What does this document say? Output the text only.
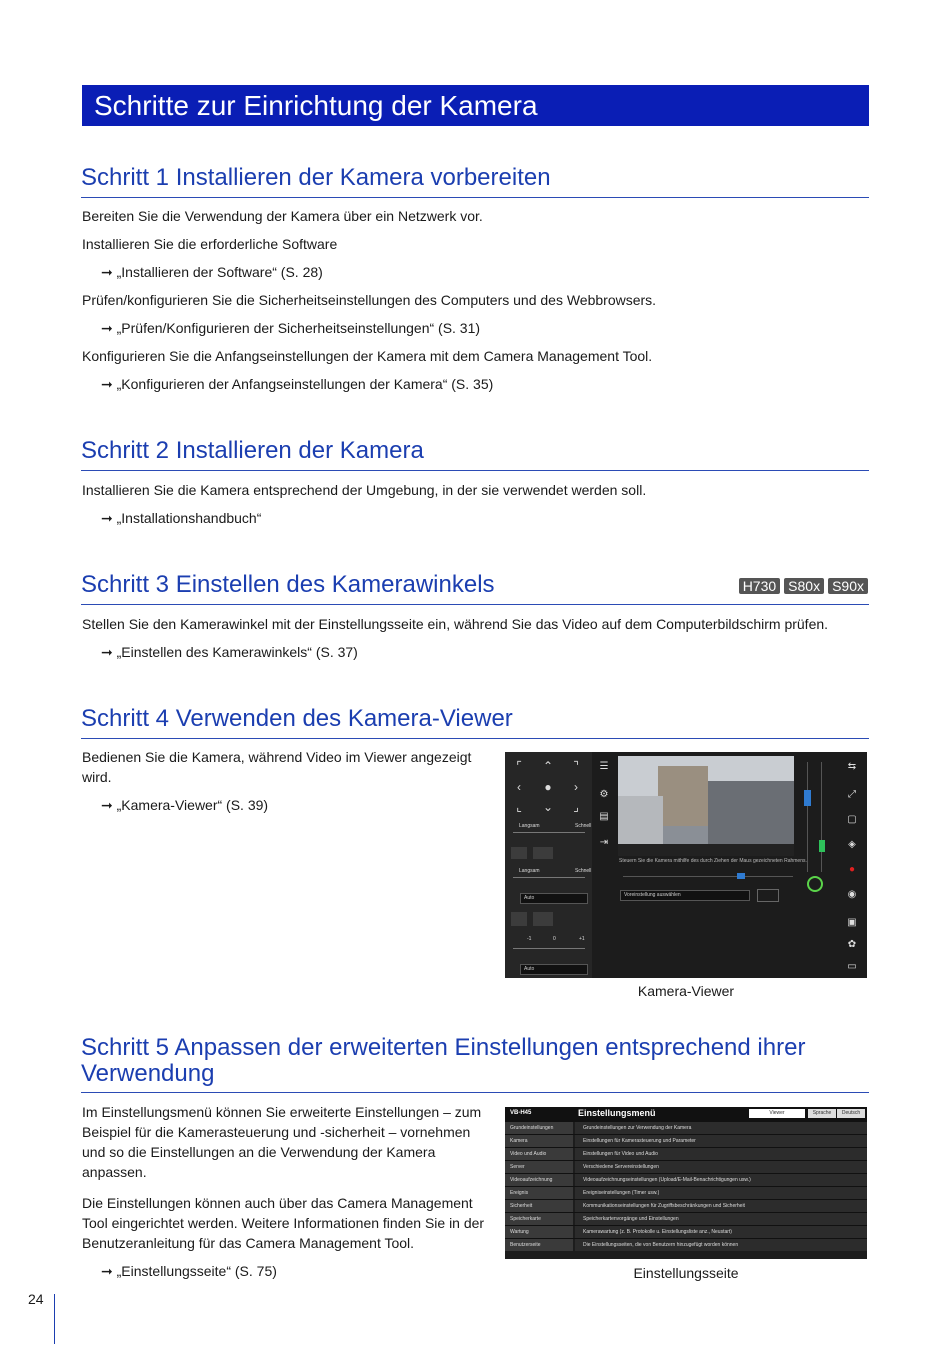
Schritte zur Einrichtung der Kamera
Schritt 1 Installieren der Kamera vorbereiten
Bereiten Sie die Verwendung der Kamera über ein Netzwerk vor.
Installieren Sie die erforderliche Software
➞ „Installieren der Software“ (S. 28)
Prüfen/konfigurieren Sie die Sicherheitseinstellungen des Computers und des Webbrowsers.
➞ „Prüfen/Konfigurieren der Sicherheitseinstellungen“ (S. 31)
Konfigurieren Sie die Anfangseinstellungen der Kamera mit dem Camera Management Tool.
➞ „Konfigurieren der Anfangseinstellungen der Kamera“ (S. 35)
Schritt 2 Installieren der Kamera
Installieren Sie die Kamera entsprechend der Umgebung, in der sie verwendet werden soll.
➞ „Installationshandbuch“
Schritt 3 Einstellen des Kamerawinkels	H730 S80x S90x
Stellen Sie den Kamerawinkel mit der Einstellungsseite ein, während Sie das Video auf dem Computerbildschirm prüfen.
➞ „Einstellen des Kamerawinkels“ (S. 37)
Schritt 4 Verwenden des Kamera-Viewer
Bedienen Sie die Kamera, während Video im Viewer angezeigt wird.
➞ „Kamera-Viewer“ (S. 39)
⌜	⌃	⌝
‹	●	›
⌞	⌄	⌟
Langsam	Schnell
Langsam	Schnell
Auto
-1	0	+1
Auto
☰
⚙
▤
⇥
Steuern Sie die Kamera mithilfe des durch Ziehen der Maus gezeichneten Rahmens.
Voreinstellung auswählen
⇆
⤢
▢
◈
●
◉
▣
✿
▭
Kamera-Viewer
Schritt 5 Anpassen der erweiterten Einstellungen entsprechend ihrer Verwendung
Im Einstellungsmenü können Sie erweiterte Einstellungen – zum Beispiel für die Kamerasteuerung und -sicherheit – vornehmen und so die Einstellungen an die Verwendung der Kamera anpassen.
Die Einstellungen können auch über das Camera Management Tool eingerichtet werden. Weitere Informationen finden Sie in der Benutzeranleitung für das Camera Management Tool.
➞ „Einstellungsseite“ (S. 75)
VB-H45	Einstellungsmenü	Viewer	Sprache	Deutsch
Grundeinstellungen	Grundeinstellungen zur Verwendung der Kamera
Kamera	Einstellungen für Kamerasteuerung und Parameter
Video und Audio	Einstellungen für Video und Audio
Server	Verschiedene Servereinstellungen
Videoaufzeichnung	Videoaufzeichnungseinstellungen (Upload/E-Mail-Benachrichtigungen usw.)
Ereignis	Ereigniseinstellungen (Timer usw.)
Sicherheit	Kommunikationseinstellungen für Zugriffsbeschränkungen und Sicherheit
Speicherkarte	Speicherkartenvorgänge und Einstellungen
Wartung	Kamerawartung (z. B. Protokolle u. Einstellungsliste anz., Neustart)
Benutzerseite	Die Einstellungsseiten, die von Benutzern hinzugefügt worden können
Einstellungsseite
24
